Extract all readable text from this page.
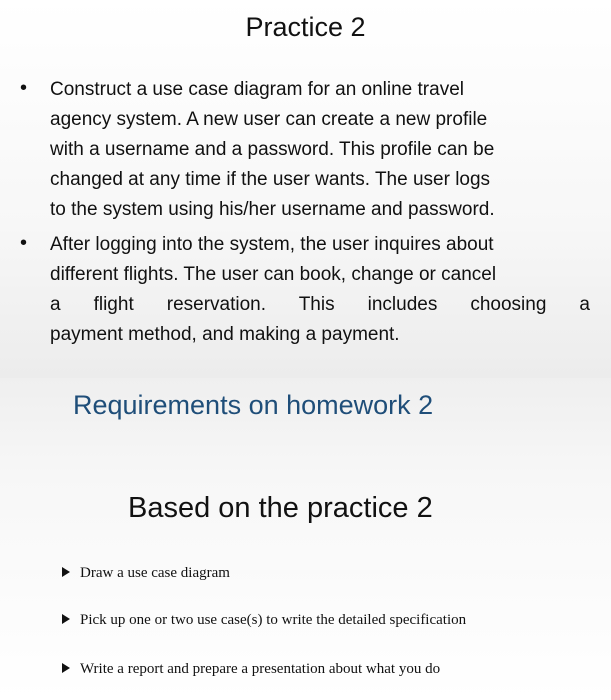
Practice 2
• Construct a use case diagram for an online travel
agency system. A new user can create a new profile
with a username and a password. This profile can be
changed at any time if the user wants. The user logs
to the system using his/her username and password.
• After logging into the system, the user inquires about
different flights. The user can book, change or cancel
a flight reservation. This includes choosing a
payment method, and making a payment.
Requirements on homework 2
Based on the practice 2
Draw a use case diagram
Pick up one or two use case(s) to write the detailed specification
Write a report and prepare a presentation about what you do
